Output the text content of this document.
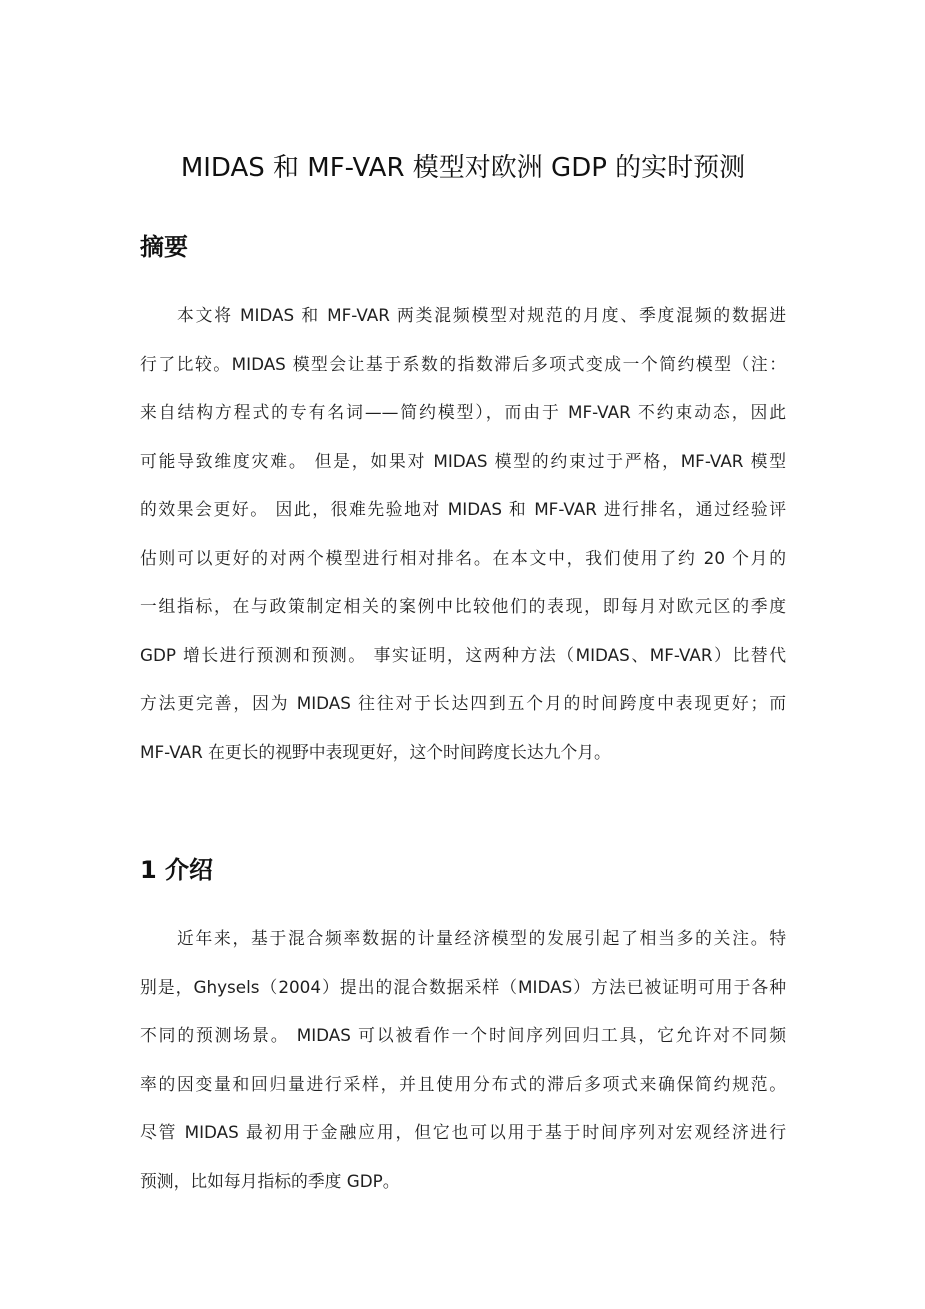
MIDAS 和 MF-VAR 模型对欧洲 GDP 的实时预测
摘要
本文将 MIDAS 和 MF-VAR 两类混频模型对规范的月度、季度混频的数据进
行了比较。MIDAS 模型会让基于系数的指数滞后多项式变成一个简约模型（注：
来自结构方程式的专有名词——简约模型），而由于 MF-VAR 不约束动态，因此
可能导致维度灾难。 但是，如果对 MIDAS 模型的约束过于严格，MF-VAR 模型
的效果会更好。 因此，很难先验地对 MIDAS 和 MF-VAR 进行排名，通过经验评
估则可以更好的对两个模型进行相对排名。在本文中，我们使用了约 20 个月的
一组指标，在与政策制定相关的案例中比较他们的表现，即每月对欧元区的季度
GDP 增长进行预测和预测。 事实证明，这两种方法（MIDAS、MF-VAR）比替代
方法更完善，因为 MIDAS 往往对于长达四到五个月的时间跨度中表现更好；而
MF-VAR 在更长的视野中表现更好，这个时间跨度长达九个月。
1 介绍
近年来，基于混合频率数据的计量经济模型的发展引起了相当多的关注。特
别是，Ghysels（2004）提出的混合数据采样（MIDAS）方法已被证明可用于各种
不同的预测场景。 MIDAS 可以被看作一个时间序列回归工具，它允许对不同频
率的因变量和回归量进行采样，并且使用分布式的滞后多项式来确保简约规范。
尽管 MIDAS 最初用于金融应用，但它也可以用于基于时间序列对宏观经济进行
预测，比如每月指标的季度 GDP。
